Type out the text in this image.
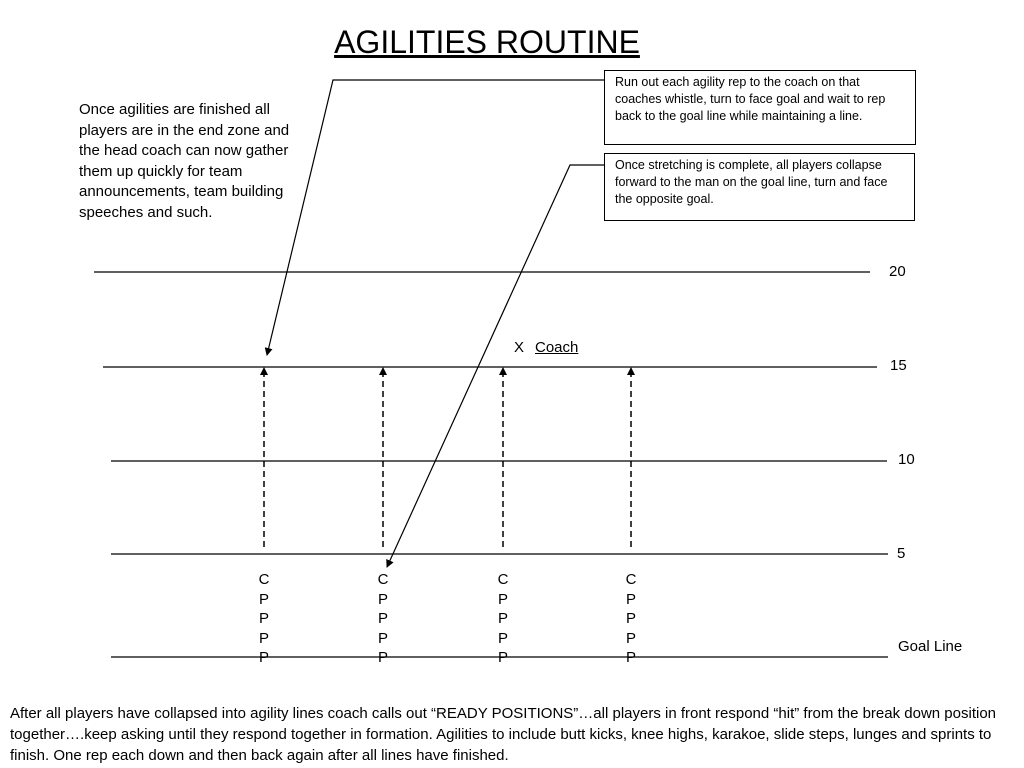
AGILITIES ROUTINE
Once agilities are finished all players are in the end zone and the head coach can now gather them up quickly for team announcements, team building speeches and such.
Run out each agility rep to the coach on that coaches whistle, turn to face goal and wait to rep back to the goal line while maintaining a line.
Once stretching is complete, all players collapse forward to the man on the goal line, turn and face the opposite goal.
20
15
10
5
Goal Line
X Coach
C
P
P
P
P
C
P
P
P
P
C
P
P
P
P
C
P
P
P
P
After all players have collapsed into agility lines coach calls out “READY POSITIONS”…all players in front respond “hit” from the break down position together….keep asking until they respond together in formation. Agilities to include butt kicks, knee highs, karakoe, slide steps, lunges and sprints to finish. One rep each down and then back again after all lines have finished.
